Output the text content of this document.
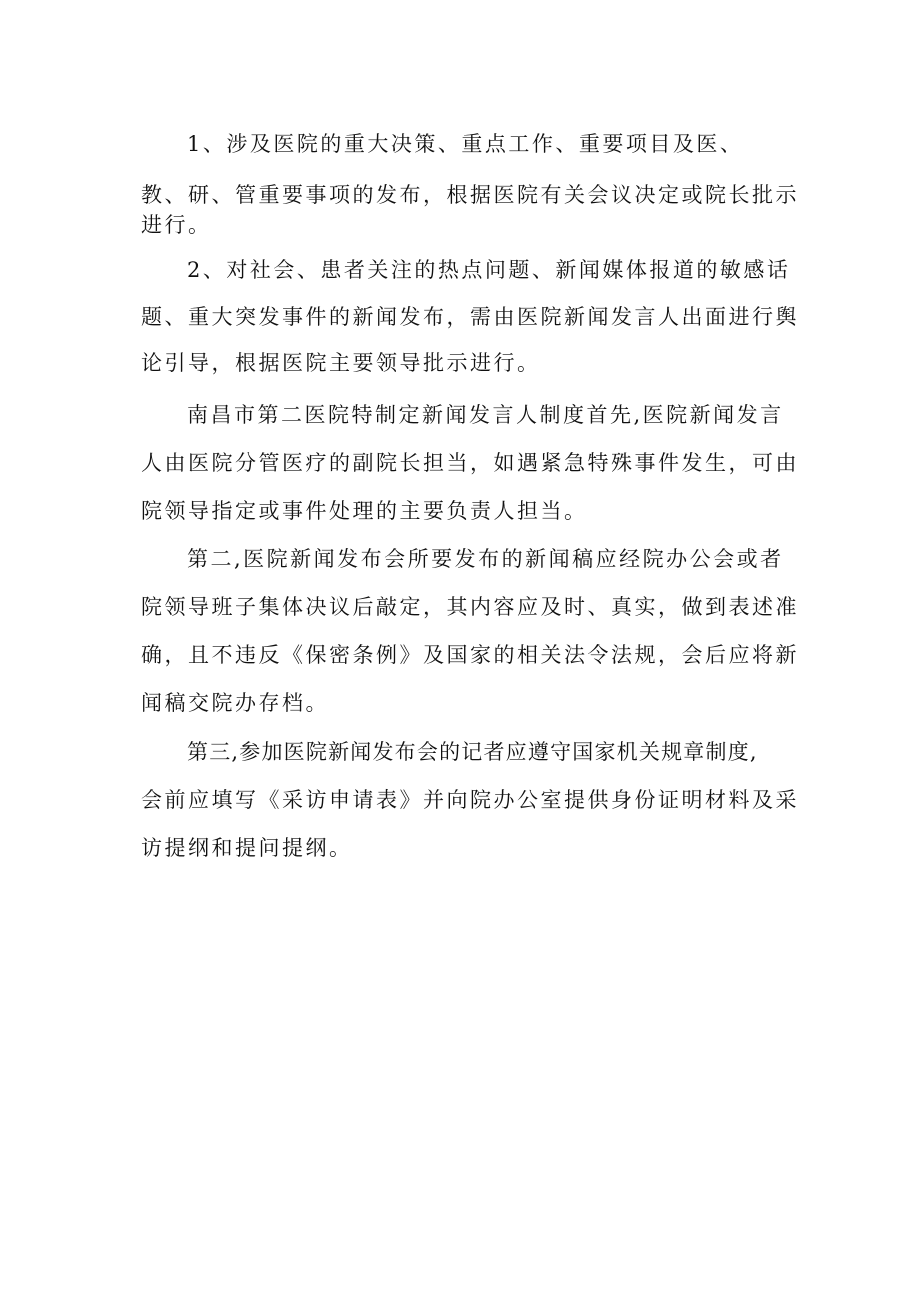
1、涉及医院的重大决策、重点工作、重要项目及医、
教、研、管重要事项的发布，根据医院有关会议决定或院长批示
进行。
2、对社会、患者关注的热点问题、新闻媒体报道的敏感话
题、重大突发事件的新闻发布，需由医院新闻发言人出面进行舆
论引导，根据医院主要领导批示进行。
南昌市第二医院特制定新闻发言人制度首先,医院新闻发言
人由医院分管医疗的副院长担当，如遇紧急特殊事件发生，可由
院领导指定或事件处理的主要负责人担当。
第二,医院新闻发布会所要发布的新闻稿应经院办公会或者
院领导班子集体决议后敲定，其内容应及时、真实，做到表述准
确，且不违反《保密条例》及国家的相关法令法规，会后应将新
闻稿交院办存档。
第三,参加医院新闻发布会的记者应遵守国家机关规章制度,
会前应填写《采访申请表》并向院办公室提供身份证明材料及采
访提纲和提问提纲。
